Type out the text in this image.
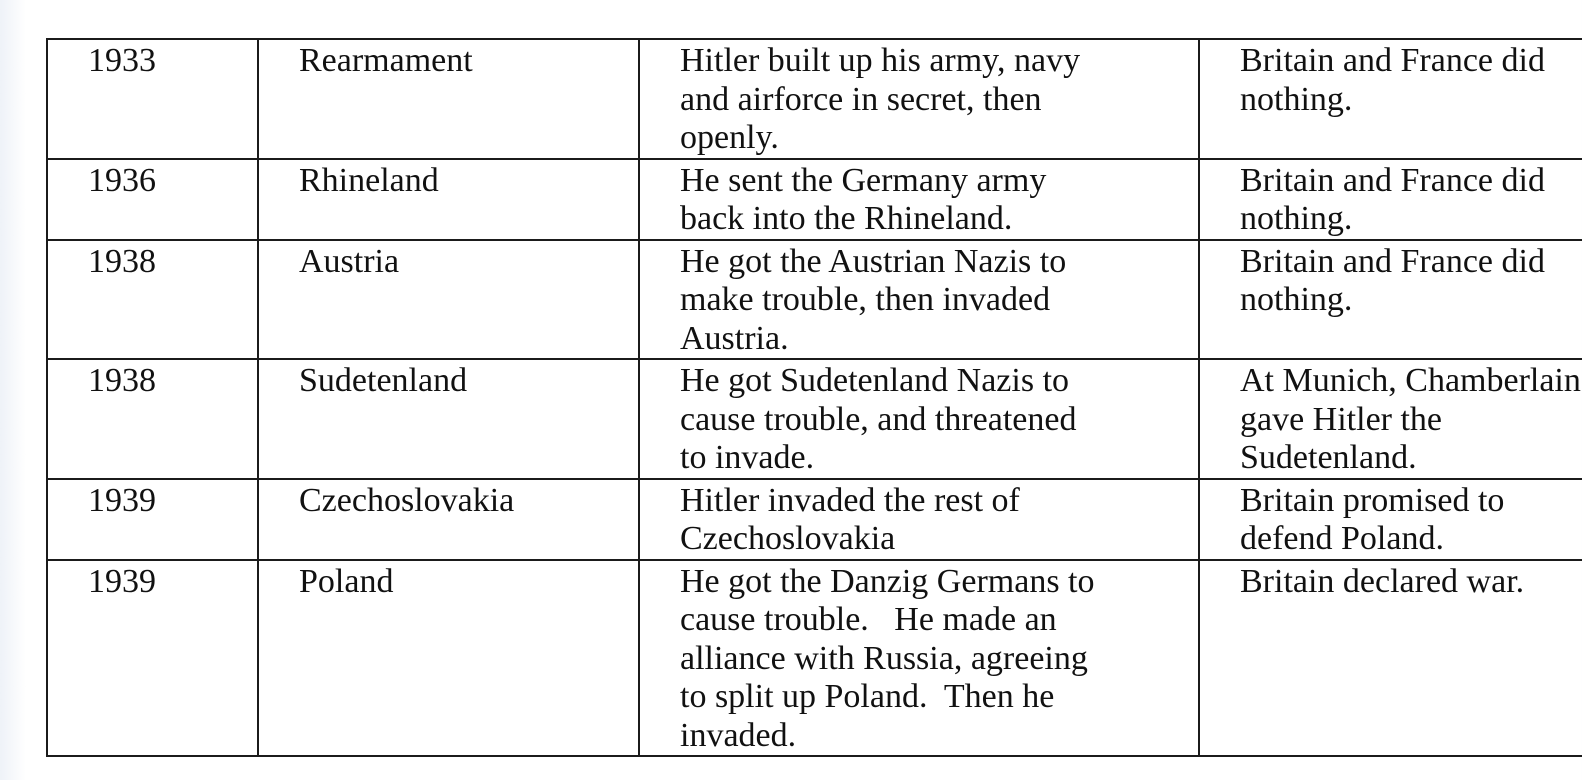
1933	Rearmament	Hitler built up his army, navy
and airforce in secret, then
openly.	Britain and France did
nothing.

1936	Rhineland	He sent the Germany army
back into the Rhineland.	Britain and France did
nothing.

1938	Austria	He got the Austrian Nazis to
make trouble, then invaded
Austria.	Britain and France did
nothing.

1938	Sudetenland	He got Sudetenland Nazis to
cause trouble, and threatened
to invade.	At Munich, Chamberlain
gave Hitler the
Sudetenland.

1939	Czechoslovakia	Hitler invaded the rest of
Czechoslovakia	Britain promised to
defend Poland.

1939	Poland	He got the Danzig Germans to
cause trouble.   He made an
alliance with Russia, agreeing
to split up Poland.  Then he
invaded.	Britain declared war.
